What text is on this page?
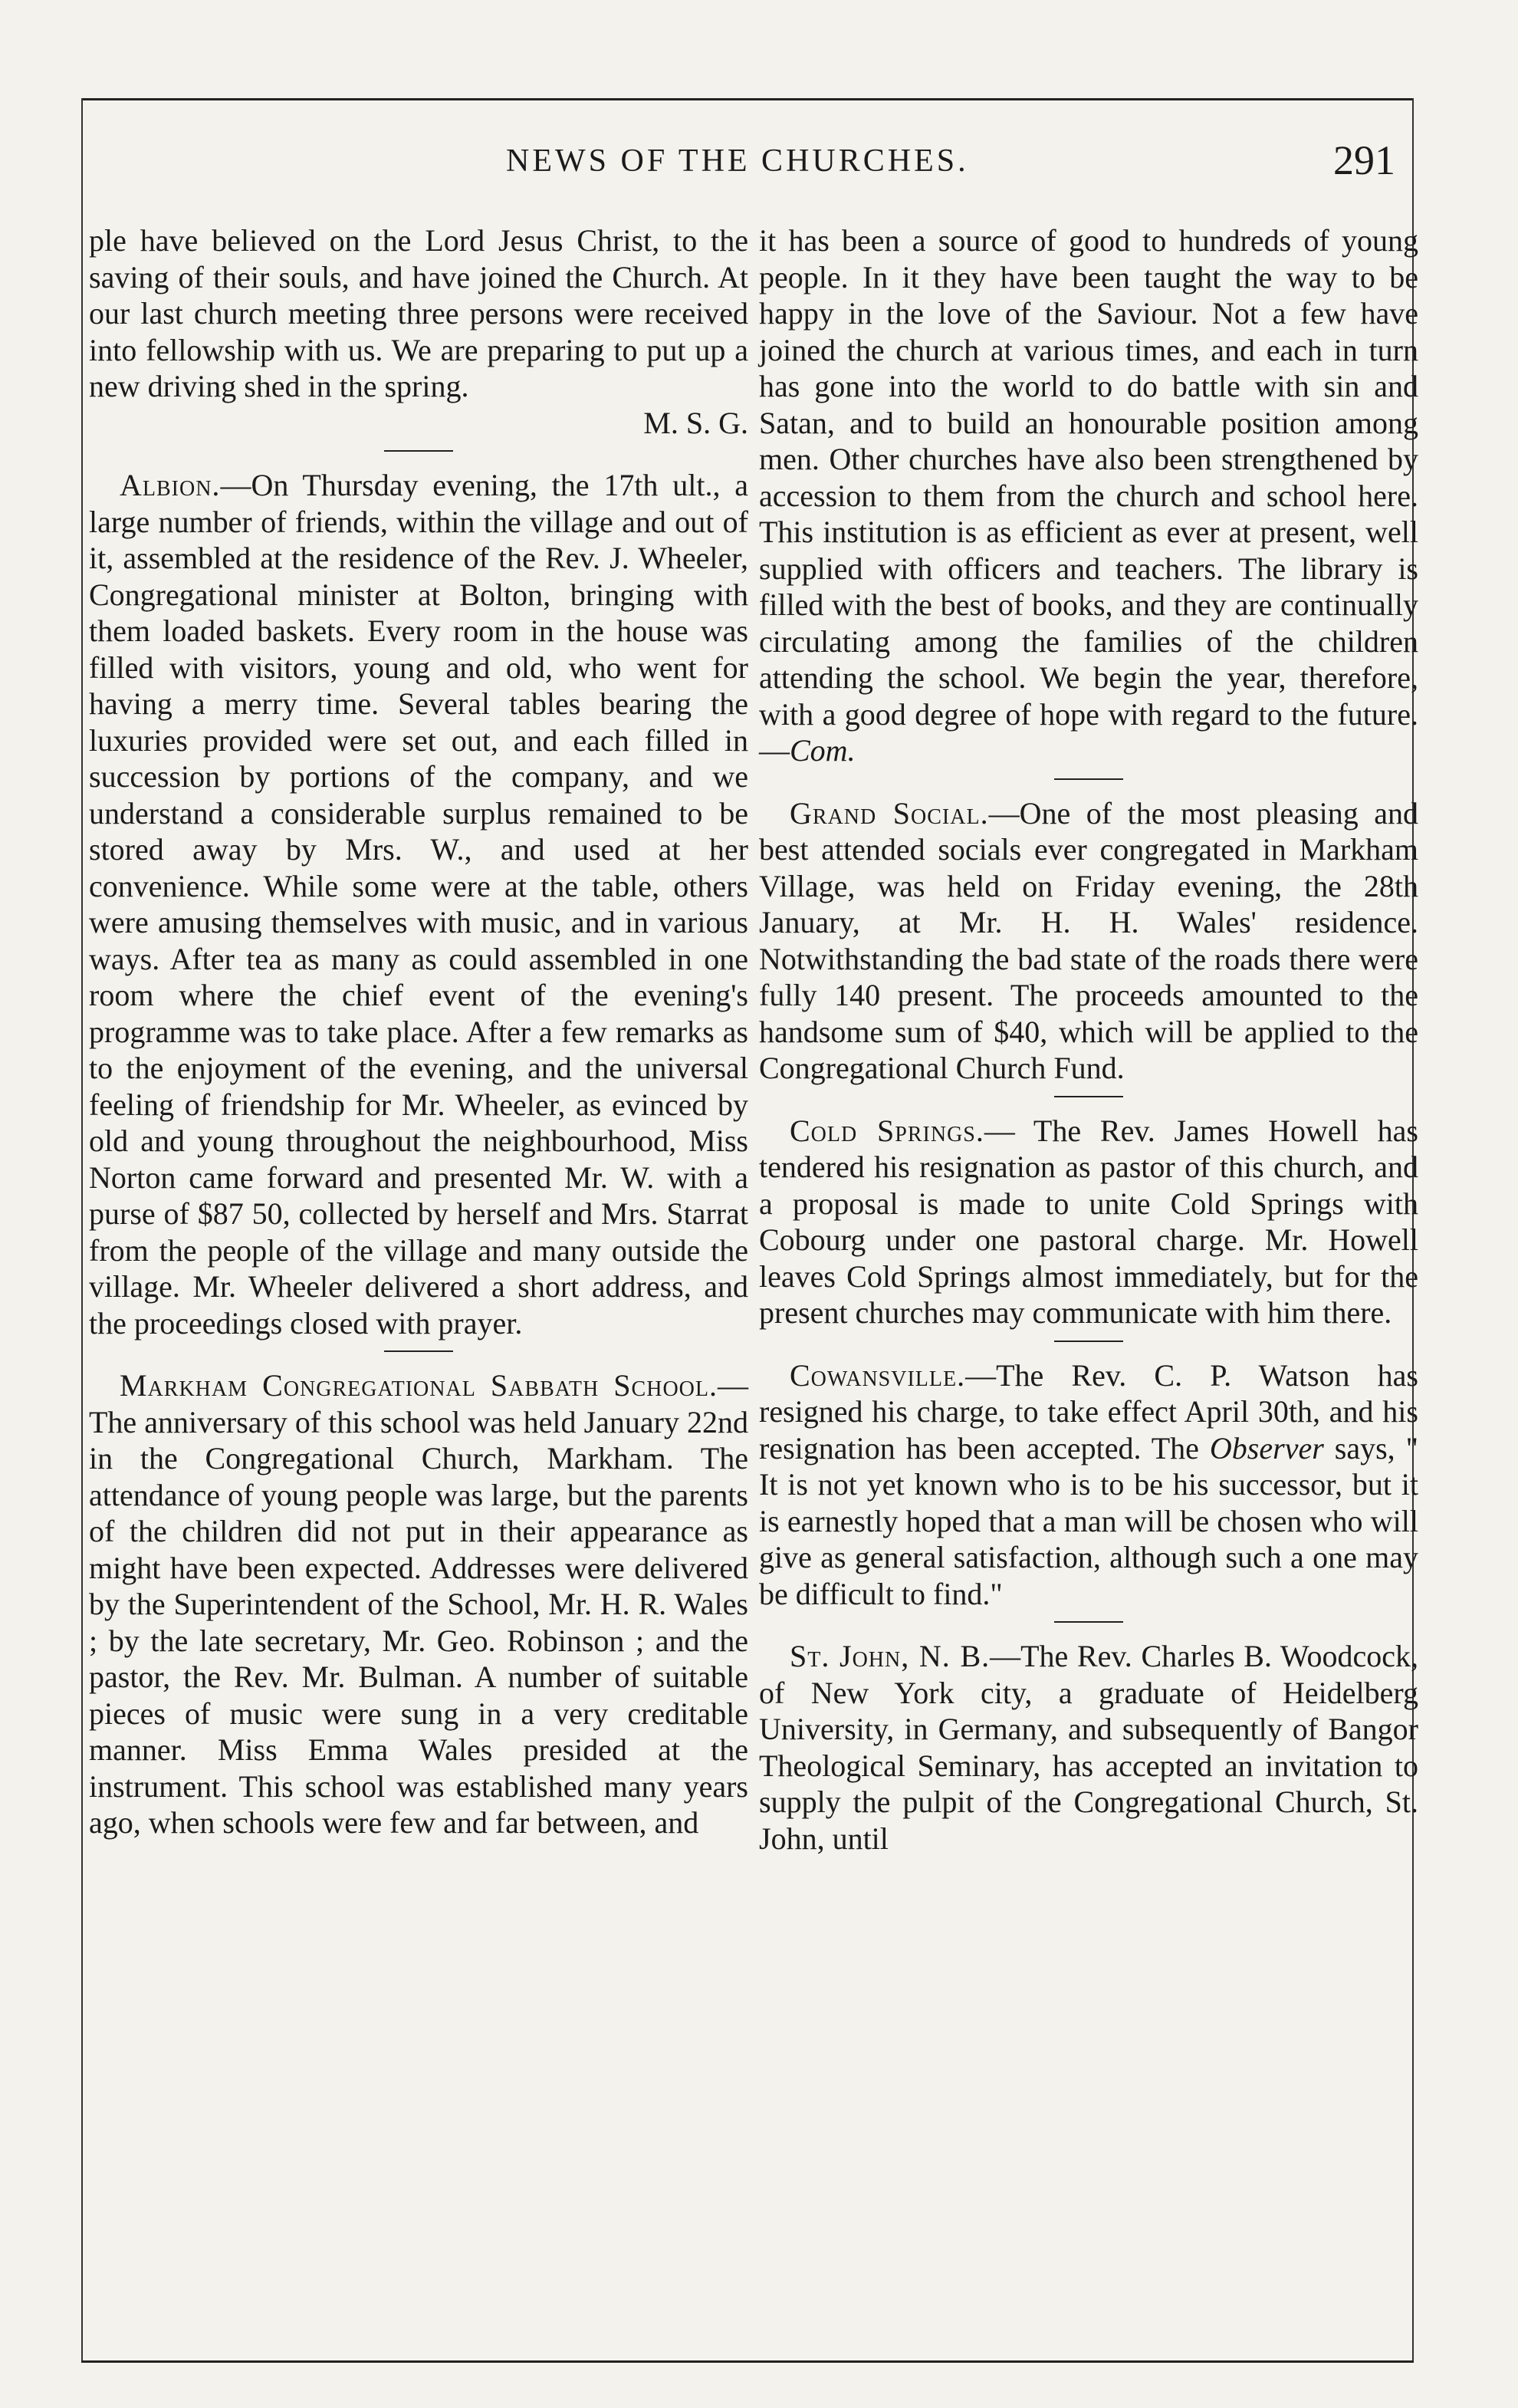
NEWS OF THE CHURCHES.	291

ple have believed on the Lord Jesus Christ, to the saving of their souls, and have joined the Church. At our last church meeting three persons were received into fellowship with us. We are preparing to put up a new driving shed in the spring.

M. S. G.

Albion.—On Thursday evening, the 17th ult., a large number of friends, within the village and out of it, assembled at the residence of the Rev. J. Wheeler, Congregational minister at Bolton, bringing with them loaded baskets. Every room in the house was filled with visitors, young and old, who went for having a merry time. Several tables bearing the luxuries provided were set out, and each filled in succession by portions of the company, and we understand a considerable surplus remained to be stored away by Mrs. W., and used at her convenience. While some were at the table, others were amusing themselves with music, and in various ways. After tea as many as could assembled in one room where the chief event of the evening's programme was to take place. After a few remarks as to the enjoyment of the evening, and the universal feeling of friendship for Mr. Wheeler, as evinced by old and young throughout the neighbourhood, Miss Norton came forward and presented Mr. W. with a purse of $87 50, collected by herself and Mrs. Starrat from the people of the village and many outside the village. Mr. Wheeler delivered a short address, and the proceedings closed with prayer.

Markham Congregational Sabbath School.—The anniversary of this school was held January 22nd in the Congregational Church, Markham. The attendance of young people was large, but the parents of the children did not put in their appearance as might have been expected. Addresses were delivered by the Superintendent of the School, Mr. H. R. Wales ; by the late secretary, Mr. Geo. Robinson ; and the pastor, the Rev. Mr. Bulman. A number of suitable pieces of music were sung in a very creditable manner. Miss Emma Wales presided at the instrument. This school was established many years ago, when schools were few and far between, and

it has been a source of good to hundreds of young people. In it they have been taught the way to be happy in the love of the Saviour. Not a few have joined the church at various times, and each in turn has gone into the world to do battle with sin and Satan, and to build an honourable position among men. Other churches have also been strengthened by accession to them from the church and school here. This institution is as efficient as ever at present, well supplied with officers and teachers. The library is filled with the best of books, and they are continually circulating among the families of the children attending the school. We begin the year, therefore, with a good degree of hope with regard to the future.—Com.

Grand Social.—One of the most pleasing and best attended socials ever congregated in Markham Village, was held on Friday evening, the 28th January, at Mr. H. H. Wales' residence. Notwithstanding the bad state of the roads there were fully 140 present. The proceeds amounted to the handsome sum of $40, which will be applied to the Congregational Church Fund.

Cold Springs.— The Rev. James Howell has tendered his resignation as pastor of this church, and a proposal is made to unite Cold Springs with Cobourg under one pastoral charge. Mr. Howell leaves Cold Springs almost immediately, but for the present churches may communicate with him there.

Cowansville.—The Rev. C. P. Watson has resigned his charge, to take effect April 30th, and his resignation has been accepted. The Observer says, " It is not yet known who is to be his successor, but it is earnestly hoped that a man will be chosen who will give as general satisfaction, although such a one may be difficult to find."

St. John, N. B.—The Rev. Charles B. Woodcock, of New York city, a graduate of Heidelberg University, in Germany, and subsequently of Bangor Theological Seminary, has accepted an invitation to supply the pulpit of the Congregational Church, St. John, until
